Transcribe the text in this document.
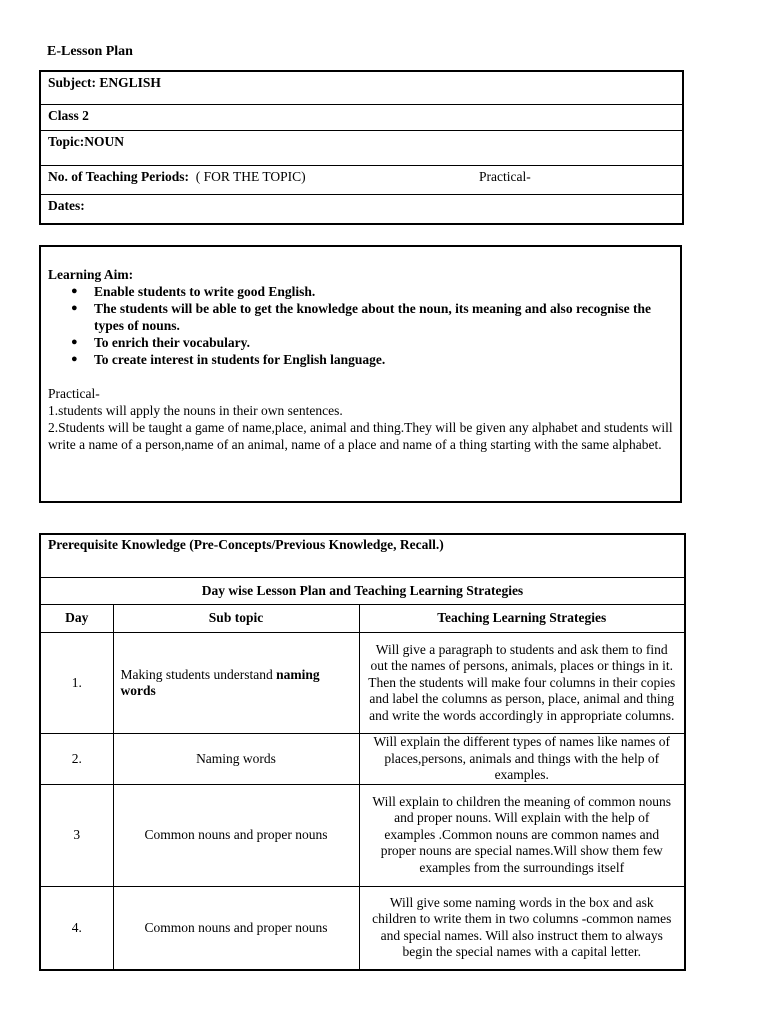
E-Lesson Plan
Subject: ENGLISH
Class 2
Topic:NOUN
No. of Teaching Periods: ( FOR THE TOPIC)	Practical-

Dates:
Learning Aim:
● Enable students to write good English.
● The students will be able to get the knowledge about the noun, its meaning and also recognise the types of nouns.
● To enrich their vocabulary.
● To create interest in students for English language.
Practical-
1.students will apply the nouns in their own sentences.
2.Students will be taught a game of name,place, animal and thing.They will be given any alphabet and students will write a name of a person,name of an animal, name of a place and name of a thing starting with the same alphabet.
Prerequisite Knowledge (Pre-Concepts/Previous Knowledge, Recall.)		
Day wise Lesson Plan and Teaching Learning Strategies		
Day	Sub topic	Teaching Learning Strategies
1.	Making students understand naming words	Will give a paragraph to students and ask them to find out the names of persons, animals, places or things in it. Then the students will make four columns in their copies and label the columns as person, place, animal and thing and write the words accordingly in appropriate columns.
2.	Naming words	Will explain the different types of names like names of places,persons, animals and things with the help of examples.
3	Common nouns and proper nouns	Will explain to children the meaning of common nouns and proper nouns. Will explain with the help of examples .Common nouns are common names and proper nouns are special names.Will show them few examples from the surroundings itself
4.	Common nouns and proper nouns	Will give some naming words in the box and ask children to write them in two columns -common names and special names. Will also instruct them to always begin the special names with a capital letter.
